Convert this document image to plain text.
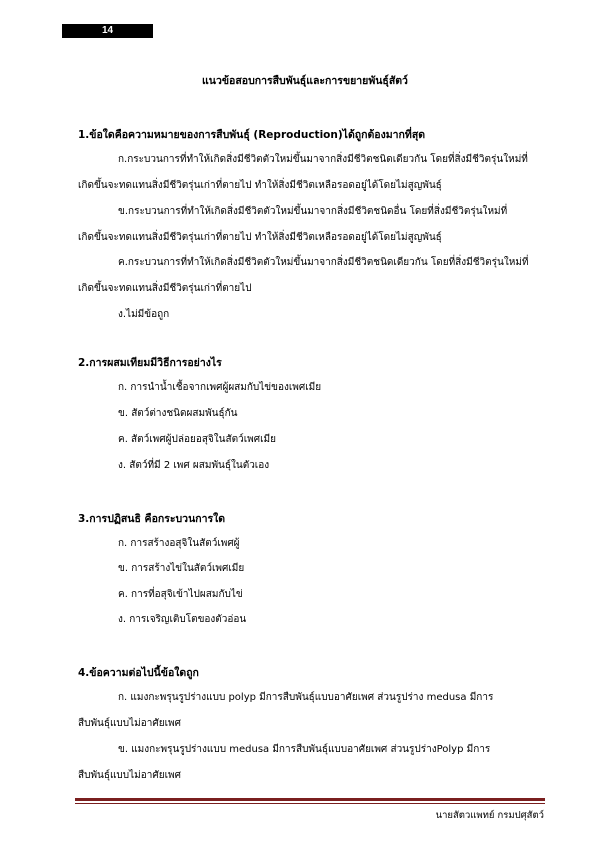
14
แนวข้อสอบการสืบพันธุ์และการขยายพันธุ์สัตว์
1.ข้อใดคือความหมายของการสืบพันธุ์ (Reproduction)ได้ถูกต้องมากที่สุด
ก.กระบวนการที่ทำให้เกิดสิ่งมีชีวิตตัวใหม่ขึ้นมาจากสิ่งมีชีวิตชนิดเดียวกัน โดยที่สิ่งมีชีวิตรุ่นใหม่ที่
เกิดขึ้นจะทดแทนสิ่งมีชีวิตรุ่นเก่าที่ตายไป ทำให้สิ่งมีชีวิตเหลือรอดอยู่ได้โดยไม่สูญพันธุ์
ข.กระบวนการที่ทำให้เกิดสิ่งมีชีวิตตัวใหม่ขึ้นมาจากสิ่งมีชีวิตชนิดอื่น โดยที่สิ่งมีชีวิตรุ่นใหม่ที่
เกิดขึ้นจะทดแทนสิ่งมีชีวิตรุ่นเก่าที่ตายไป ทำให้สิ่งมีชีวิตเหลือรอดอยู่ได้โดยไม่สูญพันธุ์
ค.กระบวนการที่ทำให้เกิดสิ่งมีชีวิตตัวใหม่ขึ้นมาจากสิ่งมีชีวิตชนิดเดียวกัน โดยที่สิ่งมีชีวิตรุ่นใหม่ที่
เกิดขึ้นจะทดแทนสิ่งมีชีวิตรุ่นเก่าที่ตายไป
ง.ไม่มีข้อถูก
2.การผสมเทียมมีวิธีการอย่างไร
ก. การนำน้ำเชื้อจากเพศผู้ผสมกับไข่ของเพศเมีย
ข. สัตว์ต่างชนิดผสมพันธุ์กัน
ค. สัตว์เพศผู้ปล่อยอสุจิในสัตว์เพศเมีย
ง. สัตว์ที่มี 2 เพศ ผสมพันธุ์ในตัวเอง
3.การปฏิสนธิ คือกระบวนการใด
ก. การสร้างอสุจิในสัตว์เพศผู้
ข. การสร้างไข่ในสัตว์เพศเมีย
ค. การที่อสุจิเข้าไปผสมกับไข่
ง. การเจริญเติบโตของตัวอ่อน
4.ข้อความต่อไปนี้ข้อใดถูก
ก. แมงกะพรุนรูปร่างแบบ polyp มีการสืบพันธุ์แบบอาศัยเพศ ส่วนรูปร่าง medusa มีการ
สืบพันธุ์แบบไม่อาศัยเพศ
ข. แมงกะพรุนรูปร่างแบบ medusa มีการสืบพันธุ์แบบอาศัยเพศ ส่วนรูปร่างPolyp มีการ
สืบพันธุ์แบบไม่อาศัยเพศ
นายสัตวแพทย์ กรมปศุสัตว์
